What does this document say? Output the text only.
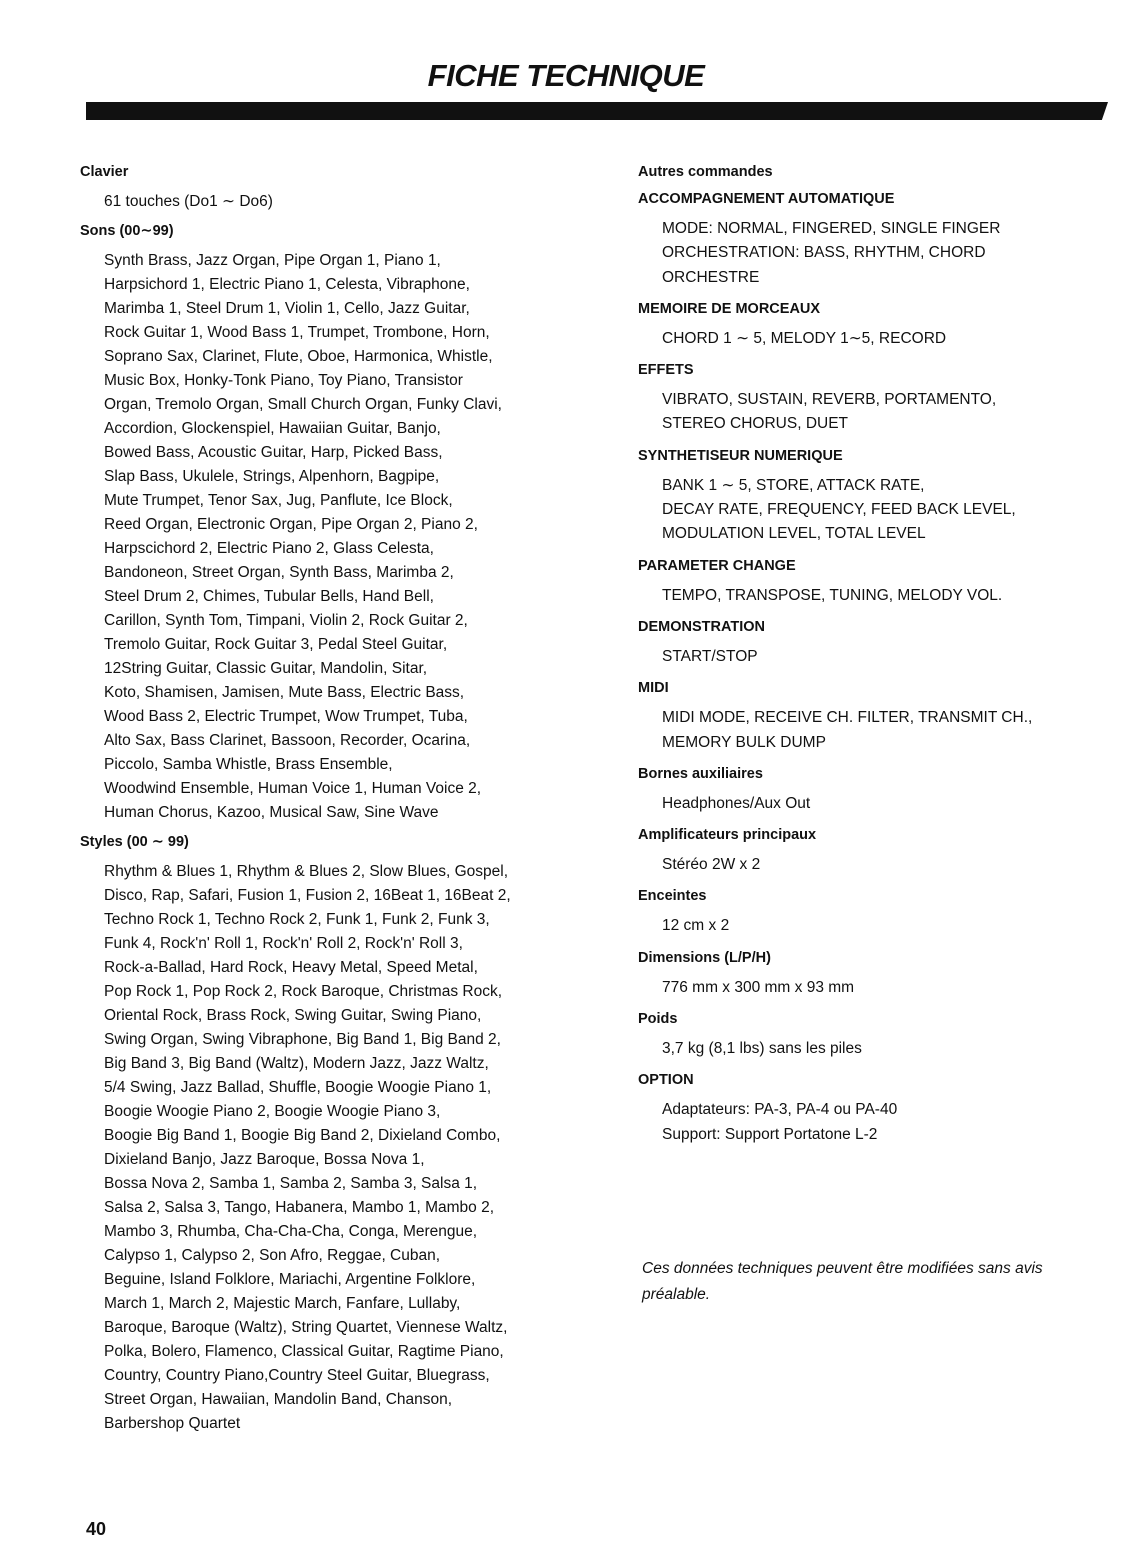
FICHE TECHNIQUE
Clavier
61 touches (Do1 ∼ Do6)
Sons (00∼99)
Synth Brass, Jazz Organ, Pipe Organ 1, Piano 1,
Harpsichord 1, Electric Piano 1, Celesta, Vibraphone,
Marimba 1, Steel Drum 1, Violin 1, Cello, Jazz Guitar,
Rock Guitar 1, Wood Bass 1, Trumpet, Trombone, Horn,
Soprano Sax, Clarinet, Flute, Oboe, Harmonica, Whistle,
Music Box, Honky-Tonk Piano, Toy Piano, Transistor
Organ, Tremolo Organ, Small Church Organ, Funky Clavi,
Accordion, Glockenspiel, Hawaiian Guitar, Banjo,
Bowed Bass, Acoustic Guitar, Harp, Picked Bass,
Slap Bass, Ukulele, Strings, Alpenhorn, Bagpipe,
Mute Trumpet, Tenor Sax, Jug, Panflute, Ice Block,
Reed Organ, Electronic Organ, Pipe Organ 2, Piano 2,
Harpscichord 2, Electric Piano 2, Glass Celesta,
Bandoneon, Street Organ, Synth Bass, Marimba 2,
Steel Drum 2, Chimes, Tubular Bells, Hand Bell,
Carillon, Synth Tom, Timpani, Violin 2, Rock Guitar 2,
Tremolo Guitar, Rock Guitar 3, Pedal Steel Guitar,
12String Guitar, Classic Guitar, Mandolin, Sitar,
Koto, Shamisen, Jamisen, Mute Bass, Electric Bass,
Wood Bass 2, Electric Trumpet, Wow Trumpet, Tuba,
Alto Sax, Bass Clarinet, Bassoon, Recorder, Ocarina,
Piccolo, Samba Whistle, Brass Ensemble,
Woodwind Ensemble, Human Voice 1, Human Voice 2,
Human Chorus, Kazoo, Musical Saw, Sine Wave
Styles (00 ∼ 99)
Rhythm & Blues 1, Rhythm & Blues 2, Slow Blues, Gospel,
Disco, Rap, Safari, Fusion 1, Fusion 2, 16Beat 1, 16Beat 2,
Techno Rock 1, Techno Rock 2, Funk 1, Funk 2, Funk 3,
Funk 4, Rock'n' Roll 1, Rock'n' Roll 2, Rock'n' Roll 3,
Rock-a-Ballad, Hard Rock, Heavy Metal, Speed Metal,
Pop Rock 1, Pop Rock 2, Rock Baroque, Christmas Rock,
Oriental Rock, Brass Rock, Swing Guitar, Swing Piano,
Swing Organ, Swing Vibraphone, Big Band 1, Big Band 2,
Big Band 3, Big Band (Waltz), Modern Jazz, Jazz Waltz,
5/4 Swing, Jazz Ballad, Shuffle, Boogie Woogie Piano 1,
Boogie Woogie Piano 2, Boogie Woogie Piano 3,
Boogie Big Band 1, Boogie Big Band 2, Dixieland Combo,
Dixieland Banjo, Jazz Baroque, Bossa Nova 1,
Bossa Nova 2, Samba 1, Samba 2, Samba 3, Salsa 1,
Salsa 2, Salsa 3, Tango, Habanera, Mambo 1, Mambo 2,
Mambo 3, Rhumba, Cha-Cha-Cha, Conga, Merengue,
Calypso 1, Calypso 2, Son Afro, Reggae, Cuban,
Beguine, Island Folklore, Mariachi, Argentine Folklore,
March 1, March 2, Majestic March, Fanfare, Lullaby,
Baroque, Baroque (Waltz), String Quartet, Viennese Waltz,
Polka, Bolero, Flamenco, Classical Guitar, Ragtime Piano,
Country, Country Piano,Country Steel Guitar, Bluegrass,
Street Organ, Hawaiian, Mandolin Band, Chanson,
Barbershop Quartet
Autres commandes
ACCOMPAGNEMENT AUTOMATIQUE
MODE: NORMAL, FINGERED, SINGLE FINGER
ORCHESTRATION: BASS, RHYTHM, CHORD
ORCHESTRE
MEMOIRE DE MORCEAUX
CHORD 1 ∼ 5, MELODY 1∼5, RECORD
EFFETS
VIBRATO, SUSTAIN, REVERB, PORTAMENTO,
STEREO CHORUS, DUET
SYNTHETISEUR NUMERIQUE
BANK 1 ∼ 5, STORE, ATTACK RATE,
DECAY RATE, FREQUENCY, FEED BACK LEVEL,
MODULATION LEVEL, TOTAL LEVEL
PARAMETER CHANGE
TEMPO, TRANSPOSE, TUNING, MELODY VOL.
DEMONSTRATION
START/STOP
MIDI
MIDI MODE, RECEIVE CH. FILTER, TRANSMIT CH.,
MEMORY BULK DUMP
Bornes auxiliaires
Headphones/Aux Out
Amplificateurs principaux
Stéréo 2W x 2
Enceintes
12 cm x 2
Dimensions (L/P/H)
776 mm x 300 mm x 93 mm
Poids
3,7 kg (8,1 lbs) sans les piles
OPTION
Adaptateurs: PA-3, PA-4 ou PA-40
Support: Support Portatone L-2
Ces données techniques peuvent être modifiées sans avis
préalable.
40
